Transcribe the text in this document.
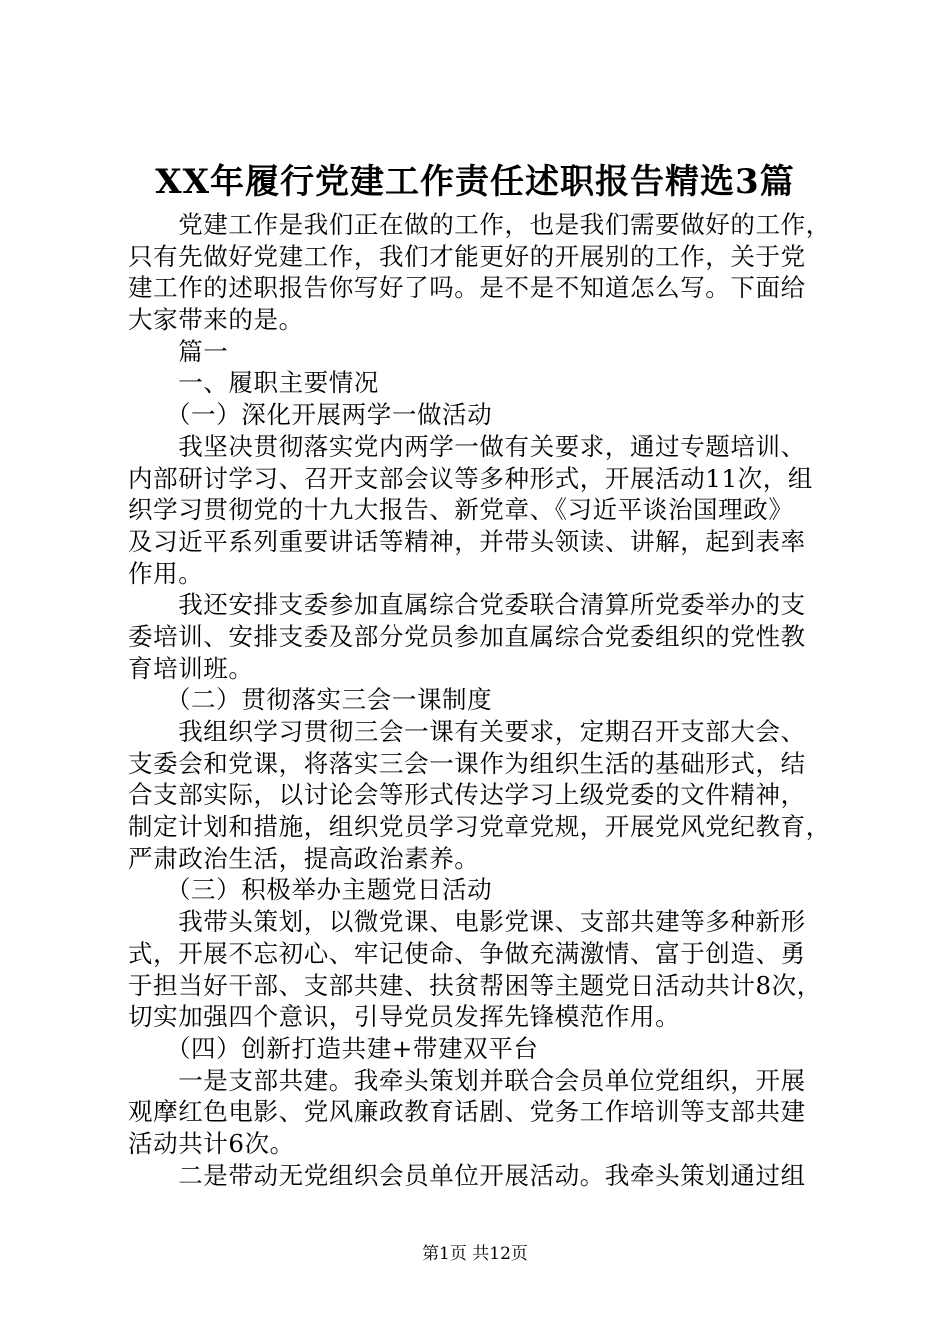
XX年履行党建工作责任述职报告精选3篇
　　党建工作是我们正在做的工作，也是我们需要做好的工作，
只有先做好党建工作，我们才能更好的开展别的工作，关于党
建工作的述职报告你写好了吗。是不是不知道怎么写。下面给
大家带来的是。
　　篇一
　　一、履职主要情况
　　（一）深化开展两学一做活动
　　我坚决贯彻落实党内两学一做有关要求，通过专题培训、
内部研讨学习、召开支部会议等多种形式，开展活动11次，组
织学习贯彻党的十九大报告、新党章、《习近平谈治国理政》
及习近平系列重要讲话等精神，并带头领读、讲解，起到表率
作用。
　　我还安排支委参加直属综合党委联合清算所党委举办的支
委培训、安排支委及部分党员参加直属综合党委组织的党性教
育培训班。
　　（二）贯彻落实三会一课制度
　　我组织学习贯彻三会一课有关要求，定期召开支部大会、
支委会和党课，将落实三会一课作为组织生活的基础形式，结
合支部实际，以讨论会等形式传达学习上级党委的文件精神，
制定计划和措施，组织党员学习党章党规，开展党风党纪教育，
严肃政治生活，提高政治素养。
　　（三）积极举办主题党日活动
　　我带头策划，以微党课、电影党课、支部共建等多种新形
式，开展不忘初心、牢记使命、争做充满激情、富于创造、勇
于担当好干部、支部共建、扶贫帮困等主题党日活动共计8次，
切实加强四个意识，引导党员发挥先锋模范作用。
　　（四）创新打造共建+带建双平台
　　一是支部共建。我牵头策划并联合会员单位党组织，开展
观摩红色电影、党风廉政教育话剧、党务工作培训等支部共建
活动共计6次。
　　二是带动无党组织会员单位开展活动。我牵头策划通过组
第1页 共12页
